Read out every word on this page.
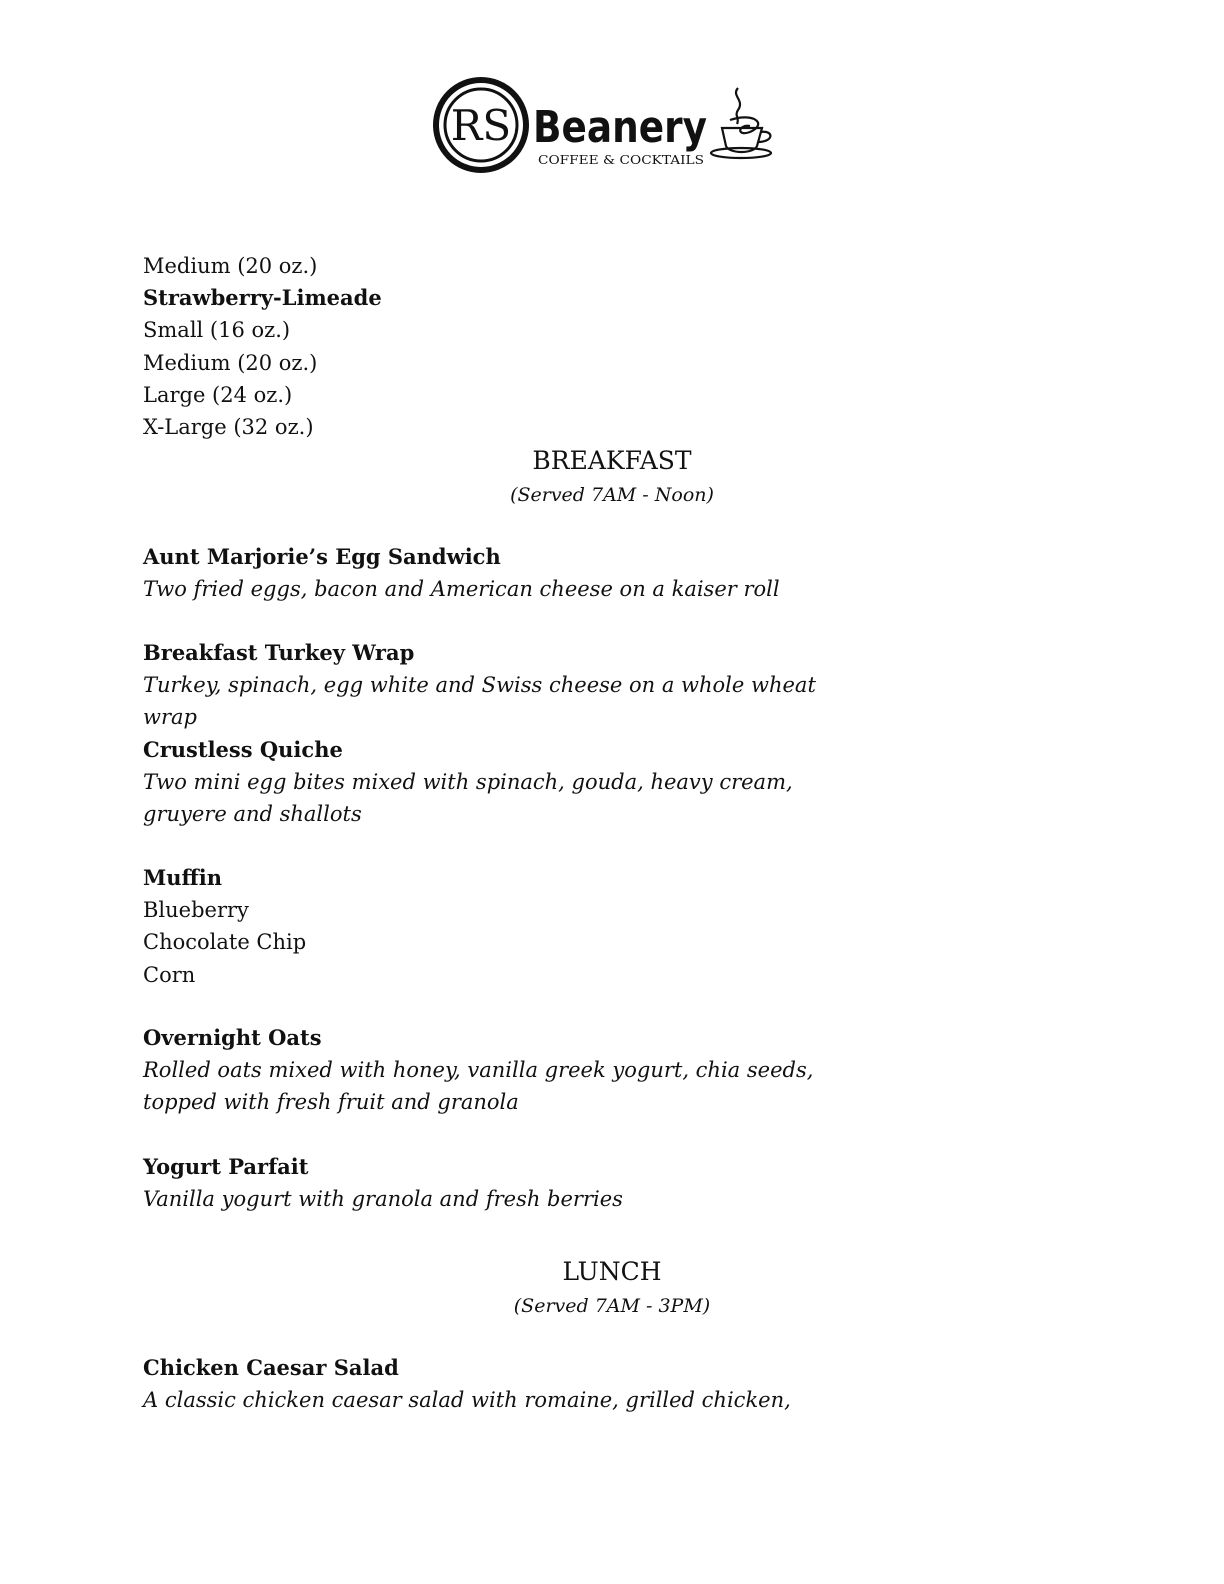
RS Beanery
COFFEE & COCKTAILS
Medium (20 oz.)
Strawberry-Limeade
Small (16 oz.)
Medium (20 oz.)
Large (24 oz.)
X-Large (32 oz.)
BREAKFAST
(Served 7AM - Noon)
Aunt Marjorie’s Egg Sandwich
Two fried eggs, bacon and American cheese on a kaiser roll
Breakfast Turkey Wrap
Turkey, spinach, egg white and Swiss cheese on a whole wheat wrap
Crustless Quiche
Two mini egg bites mixed with spinach, gouda, heavy cream, gruyere and shallots
Muffin
Blueberry
Chocolate Chip
Corn
Overnight Oats
Rolled oats mixed with honey, vanilla greek yogurt, chia seeds, topped with fresh fruit and granola
Yogurt Parfait
Vanilla yogurt with granola and fresh berries
LUNCH
(Served 7AM - 3PM)
Chicken Caesar Salad
A classic chicken caesar salad with romaine, grilled chicken,
